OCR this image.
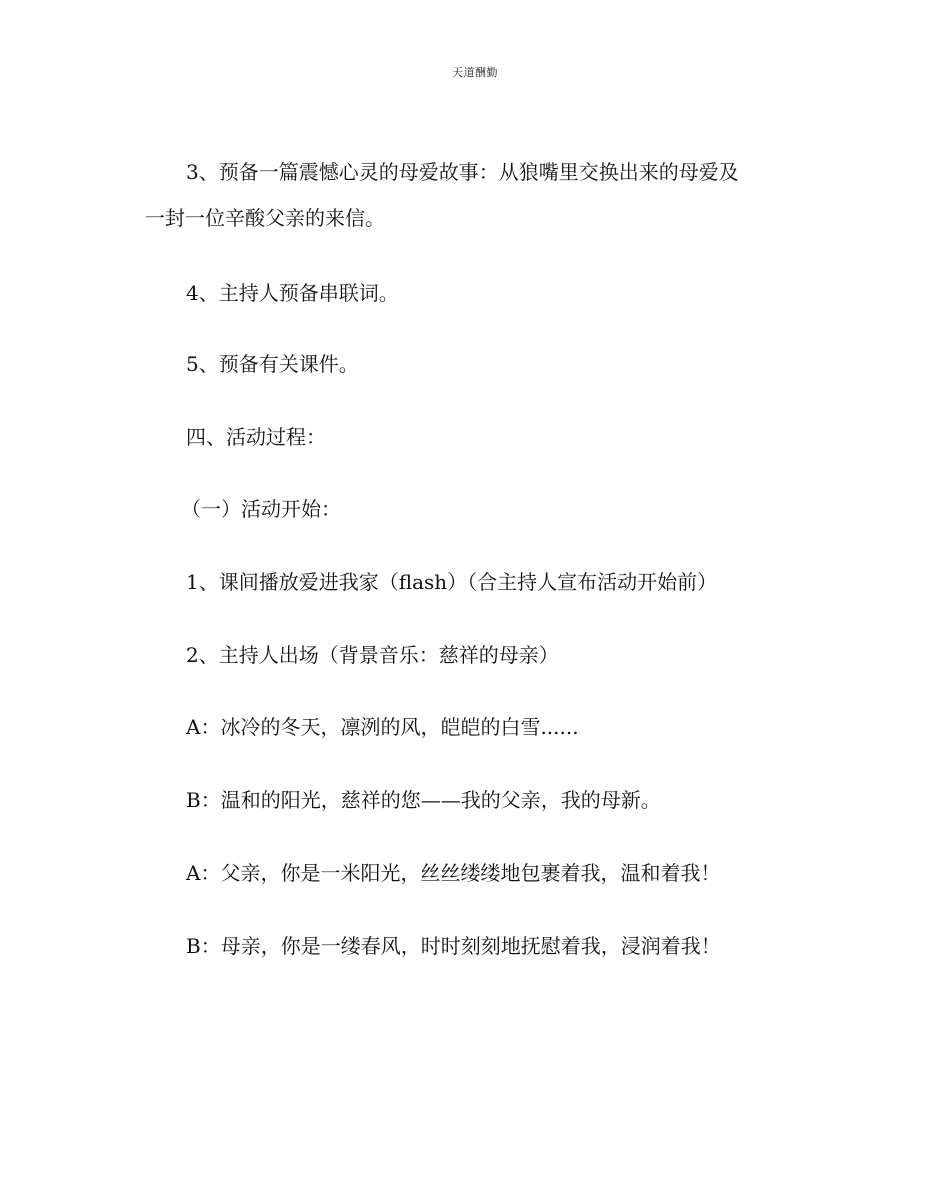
天道酬勤
3、预备一篇震憾心灵的母爱故事：从狼嘴里交换出来的母爱及
一封一位辛酸父亲的来信。
4、主持人预备串联词。
5、预备有关课件。
四、活动过程：
（一）活动开始：
1、课间播放爱进我家（flash）（合主持人宣布活动开始前）
2、主持人出场（背景音乐：慈祥的母亲）
A：冰冷的冬天，凛洌的风，皑皑的白雪......
B：温和的阳光，慈祥的您——我的父亲，我的母新。
A：父亲，你是一米阳光，丝丝缕缕地包裹着我，温和着我！
B：母亲，你是一缕春风，时时刻刻地抚慰着我，浸润着我！
